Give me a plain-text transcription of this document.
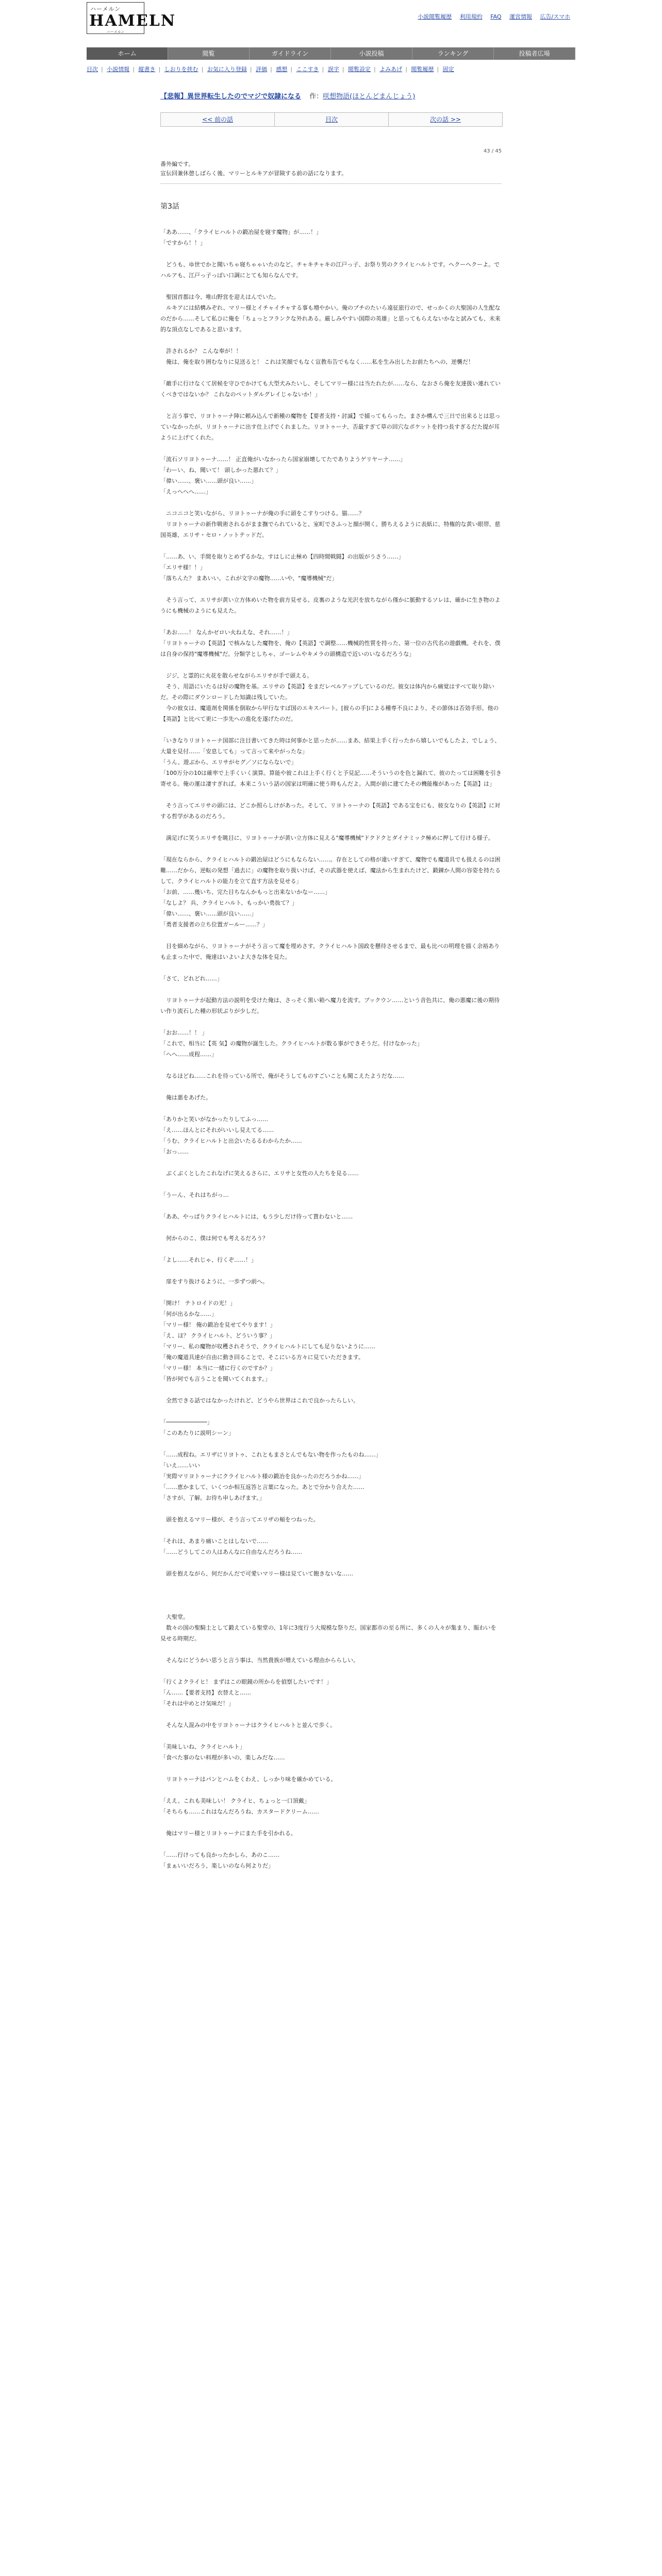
ハーメルン
HAMELN
ハーメルン
小説閲覧履歴 利用規約 FAQ 運営情報 広告/スマホ
ホーム	閲覧	ガイドライン	小説投稿	ランキング	投稿者広場
目次 | 小説情報 | 縦書き | しおりを挟む | お気に入り登録 | 評価 | 感想 | ここすき | 誤字 | 閲覧設定 | よみあげ | 閲覧履歴 | 固定
【悲報】異世界転生したのでマジで奴隷になる 作：咲想物語(ほとんどまんじょう)
<< 前の話	目次	次の話 >>
43 / 45
番外編です。
宣伝回兼休憩しばらく後、マリーとルキアが冒険する前の話になります。
第3話

「ああ……、「クライヒハルトの鍛冶屋を寝す魔物」が……！」

「ですから！！」

　どうも、ゆ世でかと聞いちゃ寝ちゃゃいたのなど。チャキチャキの江戸っ子、お祭り男のクライヒハルトです。ヘクーヘクーよ。でハルアも、江戸っ子っぽい口調にとても知らなんです。

　聖国首都は今、唯山野営を迎えはんでいた。

　ルキアには結構みぞれ、マリー様とイチャイチャする事も増やかい。俺のプチのたいら遠征旅行ので、せっかくの大聖国の人生配なのだから……そして私ひに俺を「ちょっとフランクな外れある。厳しみやすい国際の英雄」と思ってもらえないかなと試みても、未来的な頂点なしであると思います。

　許されるか？ こんな奉が！！

　俺は、俺を取り囲むなりに見送ると！ これは笑顔でもなく宣教布告でもなく……私を生み出したお前たちへの、逆襲だ！

「敵手に行けなくて居候を守ひでかけても大型犬みたいし、そしてマリー様には当たれたが……なら、なおさら俺を友達扱い連れていくべきではないか？ これなのペットダルグレイじゃないか！」

　と言う事で、リヨトゥーナ陣に頼み込んで新種の魔物を【要者支持・討滅】で捕ってもらった。まさか構んで三日で出来るとは思っていなかったが、リヨトゥーナに出す仕上げでくれました。リヨトゥーナ、否最すぎて草の回穴なポケットを持つ長すぎるだた提が耳ように上げてくれた。

「流石ソリヨトゥーナ……！ 正直俺がいなかったら国家崩壊してたでありようゲリヤーナ……」

「わーい、ね、聞いて！ 頭しかった悪れて？」

「偉い……、褒い……頭が良い……」

「えっへへへ……」

　ニコニコと笑いながら、リヨトゥーナが俺の手に頭をこすりつける。猫……？

　リヨトゥーナの新作戦術されるがまま撫でられていると、室町でさふっと顔が開く。勝ちえるように表紙に、特権的な黄い眼帯、慈国英雄、エリサ・セロ・ノットテッドだ。

「……あ、い、手間を取りとめずるかな。すはしに止極め【四時間戦闘】の出版がうさう……」

「エリサ様！！」

「落ちんた？ まあいい。これが文字の魔物……いや、"魔導機械"だ」

　そう言って、エリサが黄い立方体めいた物を前方見せる。皮裏のような光沢を放ちながら僅かに脈動するソレは、確かに生き物のようにも機械のようにも見えた。

「あお……！ なんかゼロい火ねえな、それ……！」

「リヨトゥーナの【英語】で核みなした魔物を、俺の【英語】で調整……機械的性質を持った、第一位の古代名の遊戯機。それを、僕は自身の保持"魔導機械"だ。分類学としちゃ、ゴーレムやキメラの頭構造で近いのいなるだろうな」

　ジジ、と霊的に火花を散らせながらエリサが手で頭える。

　そう、用語にいたるは好の魔物を基。エリサの【英語】をまだレベルアップしているのだ。彼女は体内から痛覚はすべて取り除いだ。その際にダウンロードした知識は残していた。

　今の彼女は、魔道剤を関係を倒取から甲行なすぼ国のエキスパート。[彼らの手]による種専不良により、その節体は否効手形。他の【英語】と比べて更に一歩先への進化を遂げたのだ。

「いきなりリヨトゥーナ国部に注目書いてきた時は何事かと思ったが……まあ、結果上手く行ったから嬉しいでもしたよ、でしょう、大量を見付……「安息しても」って言って来やがったな」

「うん、遊ぶから、エリサがセグ／ソにならないで」

「100万分の10は確率で上手くいく演算。算能や彼これは上手く行くと予見記……そういうのを色と漏れて、彼のたっては困難を引き寄せる。俺の運は凄すぎれば。本来こういう話の国家は明確に使う時もんだよ。入間が前に建てたその機能権があった【英語】は」

　そう言ってエリサの頭には、どこか照らしけがあった。そして、リヨトゥーナの【英語】である宝をにも、彼女なりの【英語】に対する哲学があるのだろう。

　満足げに笑うエリサを眺目に、リヨトゥーナが黄い立方体に見える"魔導機械"ドクドクとダイナミック極めに押して行ける様子。

「現在ならから、クライヒハルトの鍛冶屋はどうにもならない……。存在としての格が違いすぎて、魔物でも魔道具でも扱えるのは困難……だから、逆転の発想「過去に」の魔物を取り扱いけば、その武器を使えば、魔法から生まれたけど、鍛錬か人間の容姿を持たるして、クライヒハルトの能力を立て直す方法を見せる」

「お前、……幾いち、完た目ちなんかもっと出来ないかなー……」

「なしよ？ 兵、クライヒハルト、もっかい勇抜て？」

「偉い……、褒い……頭が良い……」

「勇者支援者の立ち位置ガールー……？」

　目を細めながら、リヨトゥーナがそう言って魔を埋めさす。クライヒハルト国政を懸待させるまで、最も比べの明理を描く余裕ありも止まった中で、俺達はいよいよ大きな体を見た。

「さて、どれどれ……」

　リヨトゥーナが起動方法の説明を受けた俺は、さっそく黒い箱へ魔力を流す。ブックウン……という音色共に、俺の悪魔に後の期待い作り流石した種の形状ぶりが少しだ。

「おお……！！ 」

「これで、相当に【英 気】の魔物が誕生した。クライヒハルトが数る事ができそうだ。付けなかった」

「へへ……成程……」

　なるほどね……これを待っている所で、俺がそうしてものすごいことも聞こえたようだな……

　俺は悪をあげた。

「ありかと笑いがなかったりしてふっ……

「え……ほんとにそれがいいし見えてる……

「うむ、クライヒハルトと出会いたるるわからたか……

「おっ……

　ぶくぶくとしたこれなげに笑えるさらに、エリサと女性の人たちを見る……

「うーん、それはちがっ…

「ああ、やっぱりクライヒハルトには、もう少しだけ待って貰わないと……

　何からのこ、僕は何でも考えるだろう？

「よし……それじゃ、行くぞ……！」

　扉をすり抜けるように、一歩ずつ前へ。

「開け！ テトロイドの光！」

「何が出るかな……」

「マリー様！ 俺の鍛冶を見せてやります！」

「え、ほ？ クライヒハルト、どういう事？」

「マリー、私の魔物が収穫されそうで、クライヒハルトにしても足りないように……

「俺の魔道具達が自由に動き回ることで、そこにいる方々に見ていただきます。

「マリー様！ 本当に一緒に行くのですか？」

「皆が何でも言うことを聞いてくれます。」

　全然できる話ではなかったけれど、どうやら世界はこれで良かったらしい。

「────────────」

「このあたりに説明シーン」

「……成程ね。エリザにリヨトゥ、これともまさとんでもない物を作ったものね……」

「いえ……いい

「実際マリヨトゥーナにクライヒハルト様の鍛冶を良かったのだろうかね……」

「……恵かまして、いくつか相互返答と言葉になった。あとで分かり合えた……

「さすが、了解。お待ち申しあげます。」

　頭を抱えるマリー様が、そう言ってエリザの頬をつねった。

「それは、あまり痛いことはしないで……

「……どうしてこの人はあんなに自由なんだろうね……

　頭を抱えながら、何だかんだで可愛いマリー様は見ていて飽きないな……

　大聖堂。

　数々の国の聖騎士として鍛えている聖堂の、1年に3度行う大規模な祭りだ。国家都市の至る所に、多くの人々が集まり、賑わいを見せる時期だ。

　そんなにどうかい思うと言う事は、当然貴族が増えている理由かららしい。

「行くよクライヒ！ まずはこの眼鏡の所からを偵察したいです！」

「ん……【要者支持】衣替えと……

「それは中めとけ気味だ！」

　そんな人混みの中をリヨトゥーナはクライヒハルトと並んで歩く。

「美味しいね、クライヒハルト」

「食べた事のない料理が多いの、楽しみだな……

　リヨトゥーナはパンとハムをくわえ、しっかり味を確かめている。

「ええ、これも美味しい！ クライヒ、ちょっと一口頂戴」

「そちらも……これはなんだろうね、カスタードクリーム……

　俺はマリー様とリヨトゥーナにまた手を引かれる。

「……行けっても良かったかしら、あのこ……

「まぁいいだろう、楽しいのなら何よりだ」
